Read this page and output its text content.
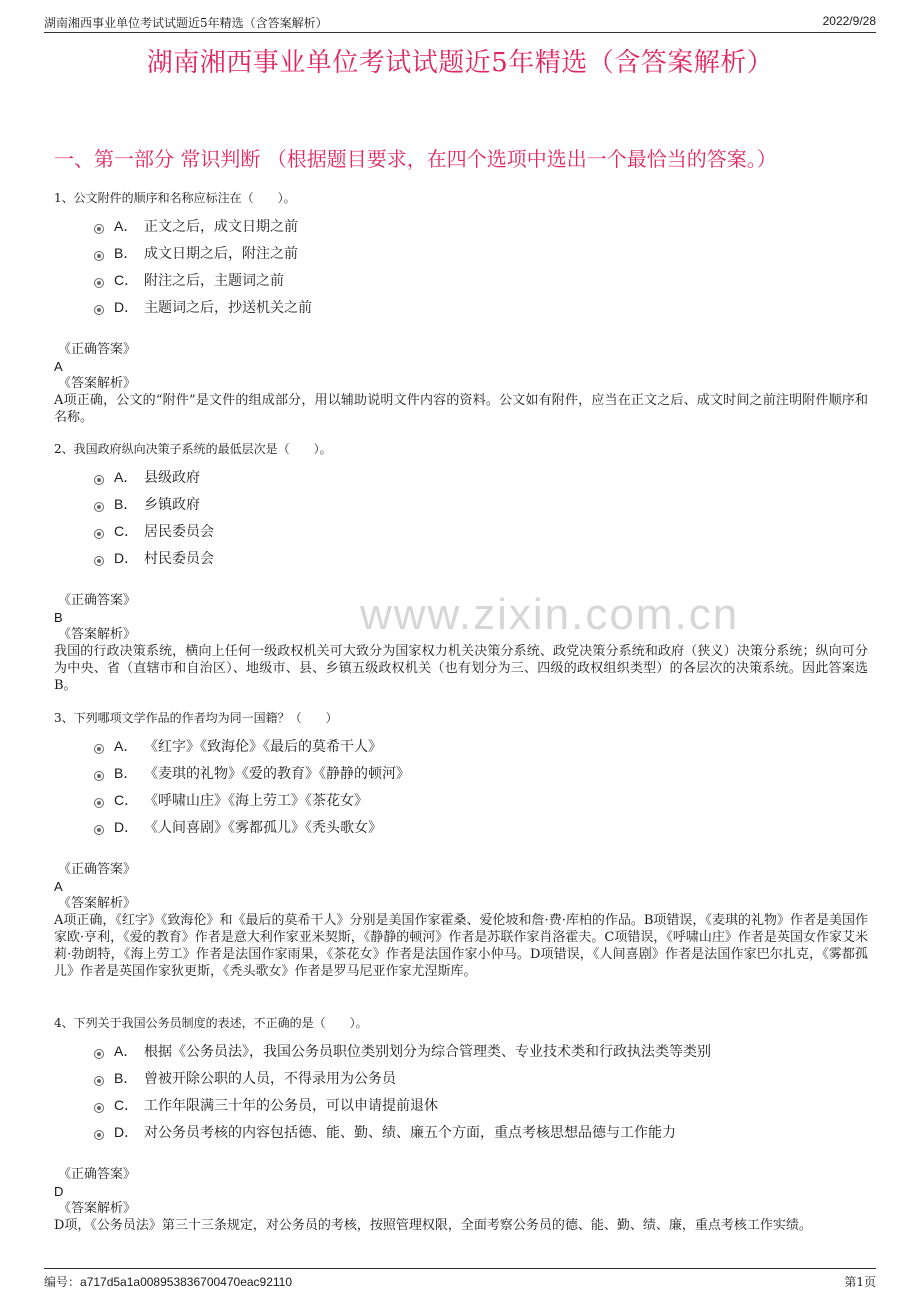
湖南湘西事业单位考试试题近5年精选（含答案解析）	2022/9/28
湖南湘西事业单位考试试题近5年精选（含答案解析）
一、第一部分 常识判断 （根据题目要求，在四个选项中选出一个最恰当的答案。）
www.zixin.com.cn
1、公文附件的顺序和名称应标注在（　　）。
A． 正文之后，成文日期之前
B． 成文日期之后，附注之前
C． 附注之后，主题词之前
D． 主题词之后，抄送机关之前
《正确答案》
A
《答案解析》
A项正确，公文的“附件”是文件的组成部分，用以辅助说明文件内容的资料。公文如有附件，应当在正文之后、成文时间之前注明附件顺序和名称。
2、我国政府纵向决策子系统的最低层次是（　　）。
A． 县级政府
B． 乡镇政府
C． 居民委员会
D． 村民委员会
《正确答案》
B
《答案解析》
我国的行政决策系统，横向上任何一级政权机关可大致分为国家权力机关决策分系统、政党决策分系统和政府（狭义）决策分系统；纵向可分为中央、省（直辖市和自治区）、地级市、县、乡镇五级政权机关（也有划分为三、四级的政权组织类型）的各层次的决策系统。因此答案选B。
3、下列哪项文学作品的作者均为同一国籍？（　　）
A． 《红字》《致海伦》《最后的莫希干人》
B． 《麦琪的礼物》《爱的教育》《静静的顿河》
C． 《呼啸山庄》《海上劳工》《茶花女》
D． 《人间喜剧》《雾都孤儿》《秃头歌女》
《正确答案》
A
《答案解析》
A项正确，《红字》《致海伦》和《最后的莫希干人》分别是美国作家霍桑、爱伦坡和詹·费·库柏的作品。B项错误，《麦琪的礼物》作者是美国作家欧·亨利，《爱的教育》作者是意大利作家亚米契斯，《静静的顿河》作者是苏联作家肖洛霍夫。C项错误，《呼啸山庄》作者是英国女作家艾米莉·勃朗特，《海上劳工》作者是法国作家雨果，《茶花女》作者是法国作家小仲马。D项错误，《人间喜剧》作者是法国作家巴尔扎克，《雾都孤儿》作者是英国作家狄更斯，《秃头歌女》作者是罗马尼亚作家尤涅斯库。
4、下列关于我国公务员制度的表述，不正确的是（　　）。
A． 根据《公务员法》，我国公务员职位类别划分为综合管理类、专业技术类和行政执法类等类别
B． 曾被开除公职的人员，不得录用为公务员
C． 工作年限满三十年的公务员，可以申请提前退休
D． 对公务员考核的内容包括德、能、勤、绩、廉五个方面，重点考核思想品德与工作能力
《正确答案》
D
《答案解析》
D项，《公务员法》第三十三条规定，对公务员的考核，按照管理权限，全面考察公务员的德、能、勤、绩、廉，重点考核工作实绩。
编号：a717d5a1a008953836700470eac92110	第1页
